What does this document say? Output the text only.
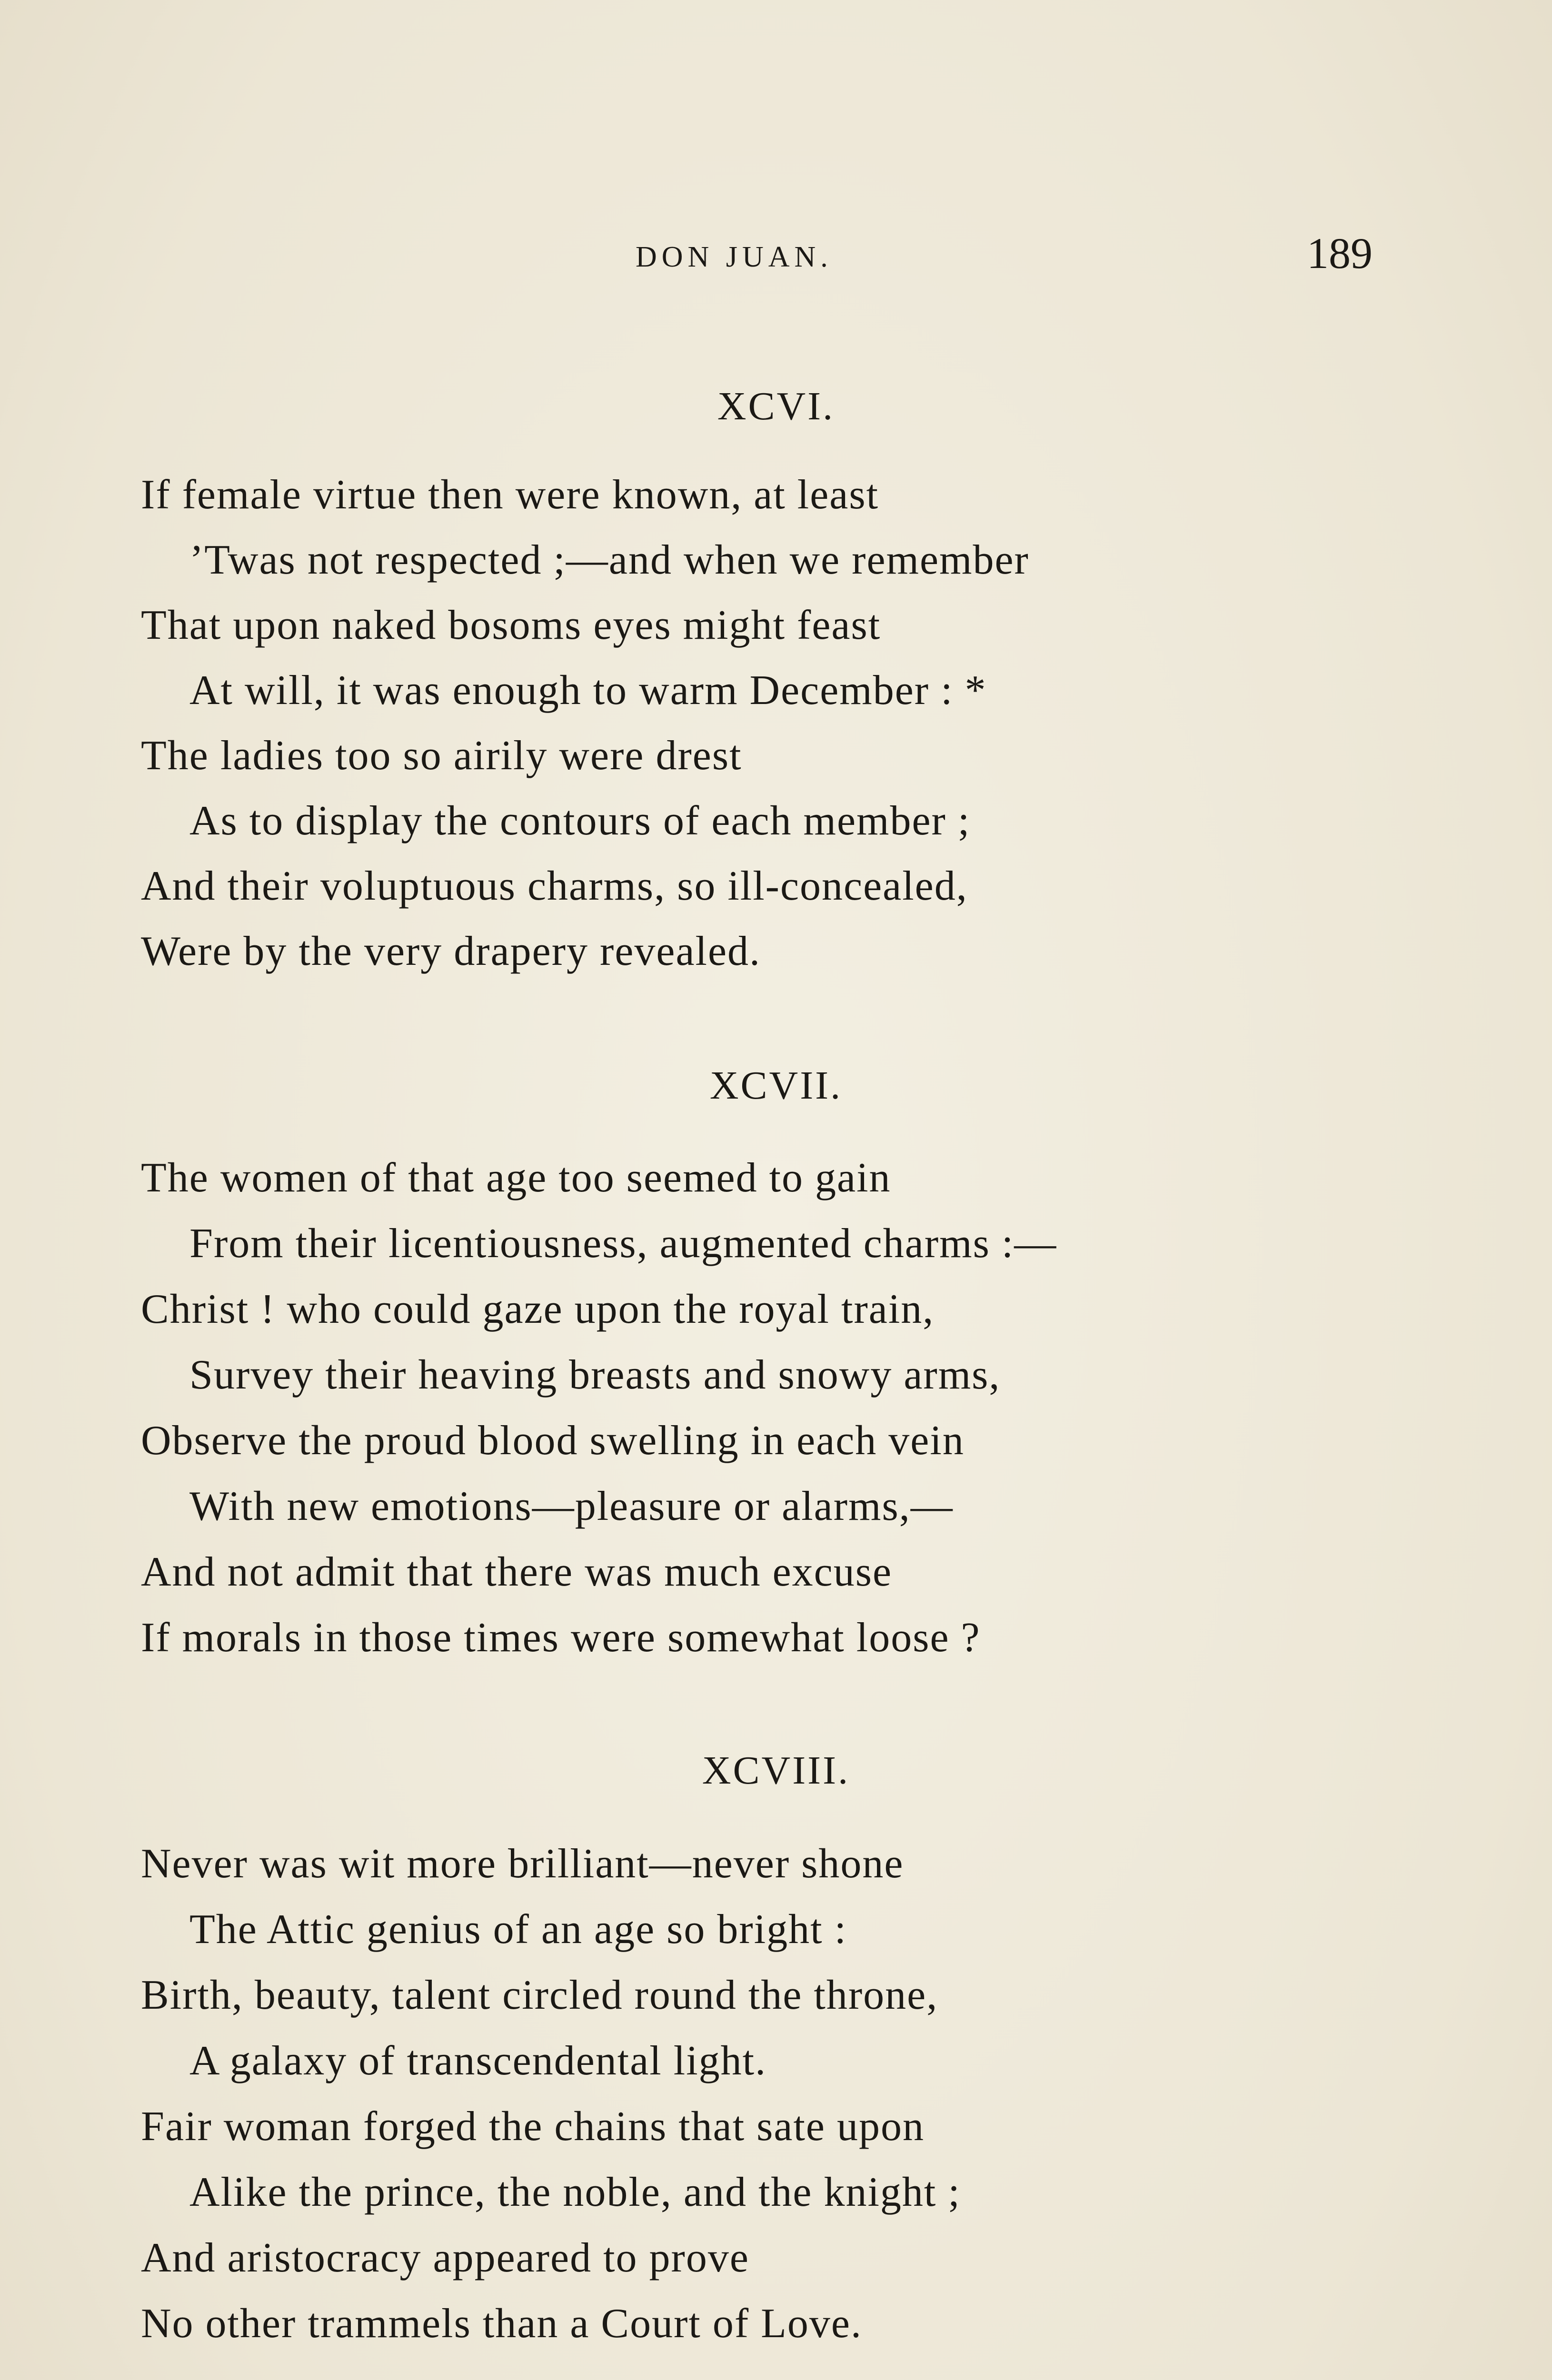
DON JUAN.	189
XCVI.
If female virtue then were known, at least
’Twas not respected ;—and when we remember
That upon naked bosoms eyes might feast
At will, it was enough to warm December : *
The ladies too so airily were drest
As to display the contours of each member ;
And their voluptuous charms, so ill-concealed,
Were by the very drapery revealed.
XCVII.
The women of that age too seemed to gain
From their licentiousness, augmented charms :—
Christ ! who could gaze upon the royal train,
Survey their heaving breasts and snowy arms,
Observe the proud blood swelling in each vein
With new emotions—pleasure or alarms,—
And not admit that there was much excuse
If morals in those times were somewhat loose ?
XCVIII.
Never was wit more brilliant—never shone
The Attic genius of an age so bright :
Birth, beauty, talent circled round the throne,
A galaxy of transcendental light.
Fair woman forged the chains that sate upon
Alike the prince, the noble, and the knight ;
And aristocracy appeared to prove
No other trammels than a Court of Love.
